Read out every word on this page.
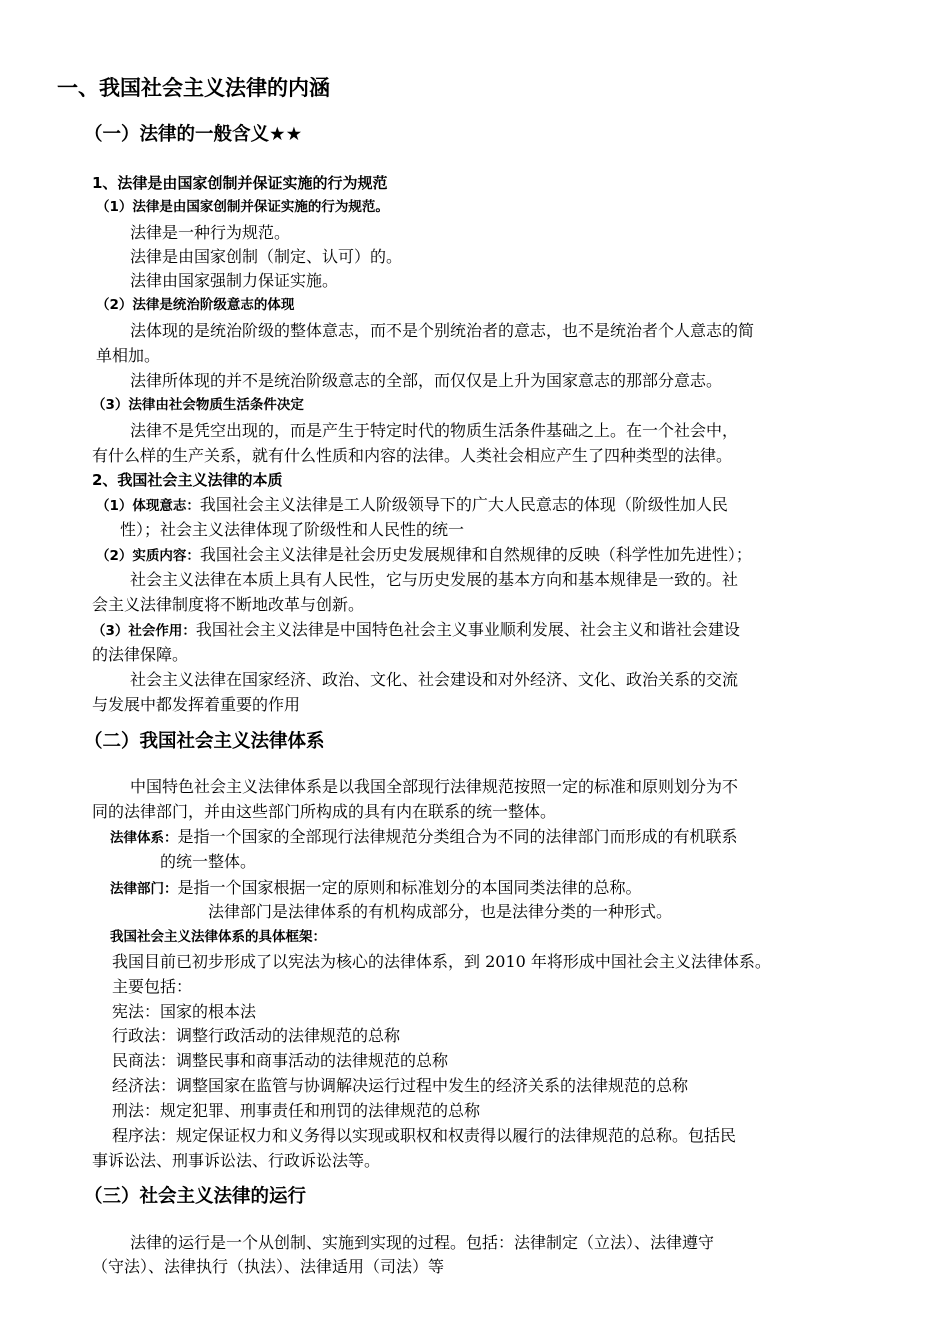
一、我国社会主义法律的内涵
（一）法律的一般含义★★
1、法律是由国家创制并保证实施的行为规范
（1）法律是由国家创制并保证实施的行为规范。
法律是一种行为规范。
法律是由国家创制（制定、认可）的。
法律由国家强制力保证实施。
（2）法律是统治阶级意志的体现
法体现的是统治阶级的整体意志，而不是个别统治者的意志，也不是统治者个人意志的简
单相加。
法律所体现的并不是统治阶级意志的全部，而仅仅是上升为国家意志的那部分意志。
（3）法律由社会物质生活条件决定
法律不是凭空出现的，而是产生于特定时代的物质生活条件基础之上。在一个社会中，
有什么样的生产关系，就有什么性质和内容的法律。人类社会相应产生了四种类型的法律。
2、我国社会主义法律的本质
（1）体现意志：我国社会主义法律是工人阶级领导下的广大人民意志的体现（阶级性加人民
性）；社会主义法律体现了阶级性和人民性的统一
（2）实质内容：我国社会主义法律是社会历史发展规律和自然规律的反映（科学性加先进性）；
社会主义法律在本质上具有人民性，它与历史发展的基本方向和基本规律是一致的。社
会主义法律制度将不断地改革与创新。
（3）社会作用：我国社会主义法律是中国特色社会主义事业顺利发展、社会主义和谐社会建设
的法律保障。
社会主义法律在国家经济、政治、文化、社会建设和对外经济、文化、政治关系的交流
与发展中都发挥着重要的作用
（二）我国社会主义法律体系
中国特色社会主义法律体系是以我国全部现行法律规范按照一定的标准和原则划分为不
同的法律部门，并由这些部门所构成的具有内在联系的统一整体。
法律体系：是指一个国家的全部现行法律规范分类组合为不同的法律部门而形成的有机联系
的统一整体。
法律部门：是指一个国家根据一定的原则和标准划分的本国同类法律的总称。
法律部门是法律体系的有机构成部分，也是法律分类的一种形式。
我国社会主义法律体系的具体框架：
我国目前已初步形成了以宪法为核心的法律体系，到 2010 年将形成中国社会主义法律体系。
主要包括：
宪法：国家的根本法
行政法：调整行政活动的法律规范的总称
民商法：调整民事和商事活动的法律规范的总称
经济法：调整国家在监管与协调解决运行过程中发生的经济关系的法律规范的总称
刑法：规定犯罪、刑事责任和刑罚的法律规范的总称
程序法：规定保证权力和义务得以实现或职权和权责得以履行的法律规范的总称。包括民
事诉讼法、刑事诉讼法、行政诉讼法等。
（三）社会主义法律的运行
法律的运行是一个从创制、实施到实现的过程。包括：法律制定（立法）、法律遵守
（守法）、法律执行（执法）、法律适用（司法）等
